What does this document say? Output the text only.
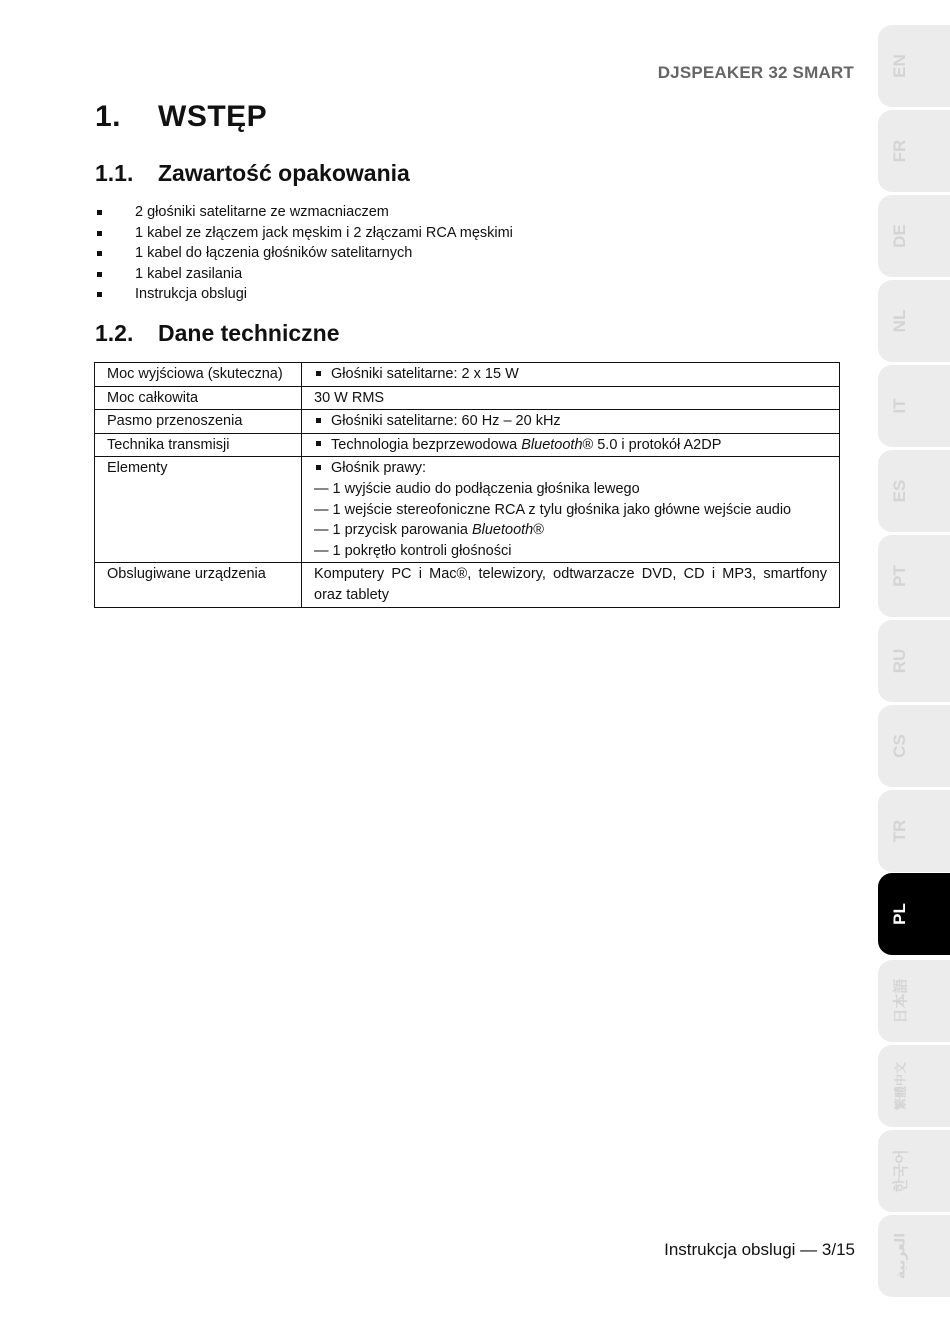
DJSPEAKER 32 SMART
1. WSTĘP
1.1. Zawartość opakowania
2 głośniki satelitarne ze wzmacniaczem
1 kabel ze złączem jack męskim i 2 złączami RCA męskimi
1 kabel do łączenia głośników satelitarnych
1 kabel zasilania
Instrukcja obslugi
1.2. Dane techniczne
Moc wyjściowa (skuteczna)	Głośniki satelitarne: 2 x 15 W
Moc całkowita	30 W RMS
Pasmo przenoszenia	Głośniki satelitarne: 60 Hz – 20 kHz
Technika transmisji	Technologia bezprzewodowa Bluetooth® 5.0 i protokół A2DP
Elementy	Głośnik prawy:
— 1 wyjście audio do podłączenia głośnika lewego
— 1 wejście stereofoniczne RCA z tylu głośnika jako główne wejście audio
— 1 przycisk parowania Bluetooth®
— 1 pokrętło kontroli głośności

Obslugiwane urządzenia	Komputery PC i Mac®, telewizory, odtwarzacze DVD, CD i MP3, smartfony oraz tablety
Instrukcja obslugi — 3/15
EN
FR
DE
NL
IT
ES
PT
RU
CS
TR
PL
日本語
繁體中文
한국어
العربية
